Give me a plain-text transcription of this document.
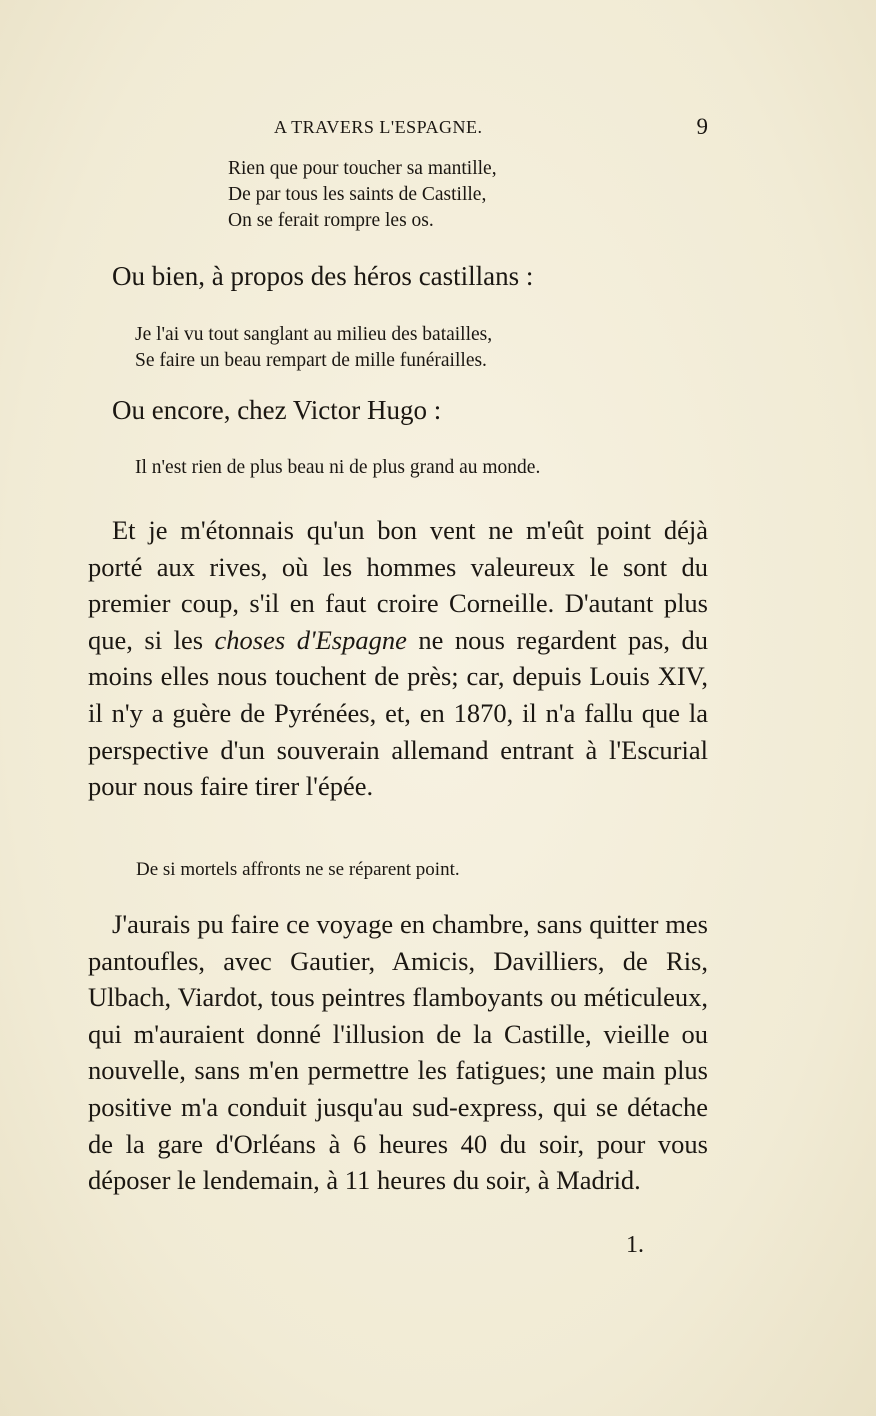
A TRAVERS L'ESPAGNE.	9
Rien que pour toucher sa mantille,
De par tous les saints de Castille,
On se ferait rompre les os.
Ou bien, à propos des héros castillans :
Je l'ai vu tout sanglant au milieu des batailles,
Se faire un beau rempart de mille funérailles.
Ou encore, chez Victor Hugo :
Il n'est rien de plus beau ni de plus grand au monde.

Et je m'étonnais qu'un bon vent ne m'eût point déjà porté aux rives, où les hommes valeureux le sont du premier coup, s'il en faut croire Corneille. D'autant plus que, si les choses d'Espagne ne nous regardent pas, du moins elles nous touchent de près; car, depuis Louis XIV, il n'y a guère de Pyrénées, et, en 1870, il n'a fallu que la perspective d'un souverain allemand entrant à l'Escurial pour nous faire tirer l'épée.

De si mortels affronts ne se réparent point.

J'aurais pu faire ce voyage en chambre, sans quitter mes pantoufles, avec Gautier, Amicis, Davilliers, de Ris, Ulbach, Viardot, tous peintres flamboyants ou méticuleux, qui m'auraient donné l'illusion de la Castille, vieille ou nouvelle, sans m'en permettre les fatigues; une main plus positive m'a conduit jusqu'au sud-express, qui se détache de la gare d'Orléans à 6 heures 40 du soir, pour vous déposer le lendemain, à 11 heures du soir, à Madrid.

1.
